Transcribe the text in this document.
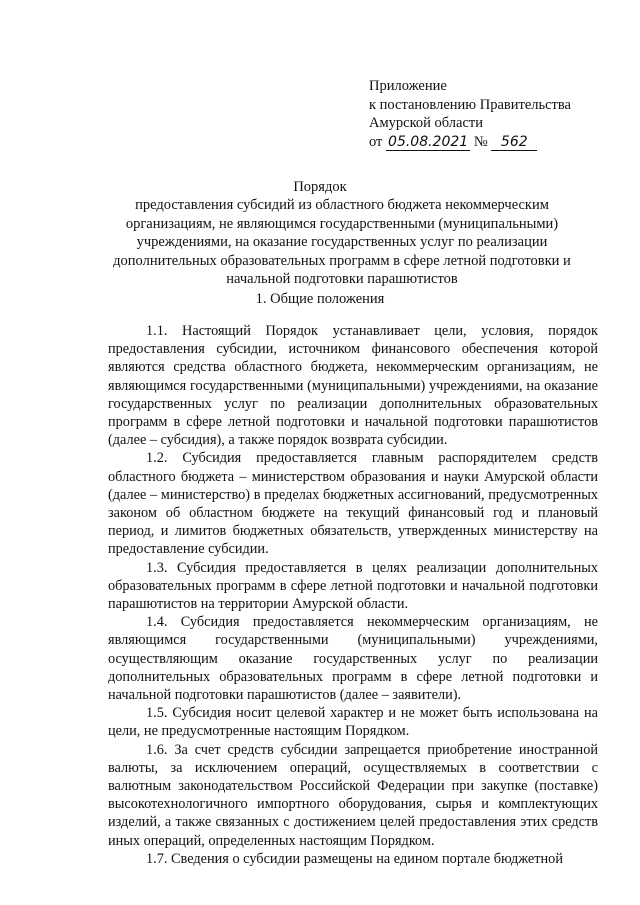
Приложение
к постановлению Правительства
Амурской области
от 05.08.2021 № 562
Порядок
предоставления субсидий из областного бюджета некоммерческим организациям, не являющимся государственными (муниципальными) учреждениями, на оказание государственных услуг по реализации дополнительных образовательных программ в сфере летной подготовки и начальной подготовки парашютистов
1. Общие положения

1.1. Настоящий Порядок устанавливает цели, условия, порядок предоставления субсидии, источником финансового обеспечения которой являются средства областного бюджета, некоммерческим организациям, не являющимся государственными (муниципальными) учреждениями, на оказание государственных услуг по реализации дополнительных образовательных программ в сфере летной подготовки и начальной подготовки парашютистов (далее – субсидия), а также порядок возврата субсидии.

1.2. Субсидия предоставляется главным распорядителем средств областного бюджета – министерством образования и науки Амурской области (далее – министерство) в пределах бюджетных ассигнований, предусмотренных законом об областном бюджете на текущий финансовый год и плановый период, и лимитов бюджетных обязательств, утвержденных министерству на предоставление субсидии.

1.3. Субсидия предоставляется в целях реализации дополнительных образовательных программ в сфере летной подготовки и начальной подготовки парашютистов на территории Амурской области.

1.4. Субсидия предоставляется некоммерческим организациям, не являющимся государственными (муниципальными) учреждениями, осуществляющим оказание государственных услуг по реализации дополнительных образовательных программ в сфере летной подготовки и начальной подготовки парашютистов (далее – заявители).

1.5. Субсидия носит целевой характер и не может быть использована на цели, не предусмотренные настоящим Порядком.

1.6. За счет средств субсидии запрещается приобретение иностранной валюты, за исключением операций, осуществляемых в соответствии с валютным законодательством Российской Федерации при закупке (поставке) высокотехнологичного импортного оборудования, сырья и комплектующих изделий, а также связанных с достижением целей предоставления этих средств иных операций, определенных настоящим Порядком.

1.7. Сведения о субсидии размещены на едином портале бюджетной
